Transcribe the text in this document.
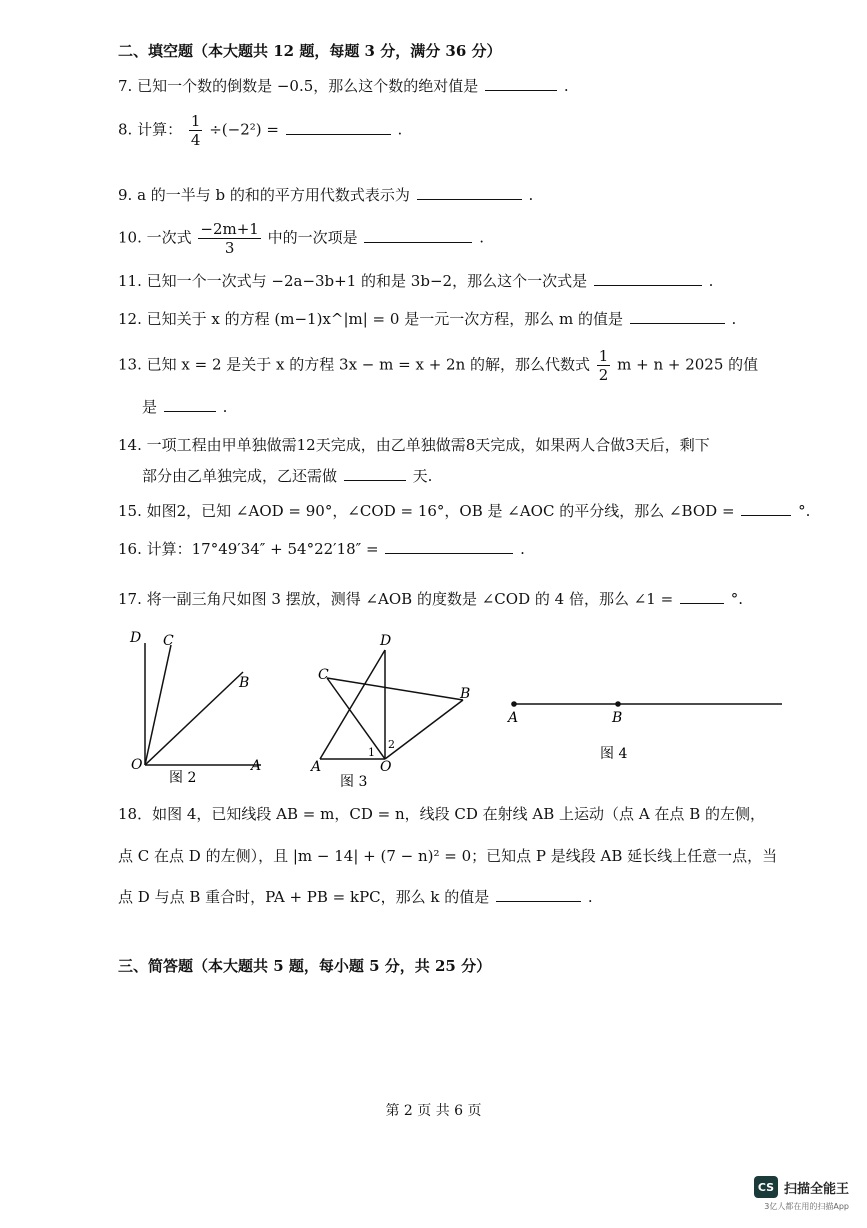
二、填空题（本大题共 12 题，每题 3 分，满分 36 分）
7. 已知一个数的倒数是 −0.5，那么这个数的绝对值是	.
8. 计算： $\frac{1}{4} \div(-2^2)$ =	.
9. a 的一半与 b 的和的平方用代数式表示为	.
10. 一次式 $\frac{-2m+1}{3}$ 中的一次项是	.
11. 已知一个一次式与 −2a−3b+1 的和是 3b−2，那么这个一次式是	.
12. 已知关于 x 的方程 (m−1)x^|m| = 0 是一元一次方程，那么 m 的值是	.
13. 已知 x = 2 是关于 x 的方程 3x − m = x + 2n 的解，那么代数式 $\frac{1}{2}$ m + n + 2025 的值
是	.
14. 一项工程由甲单独做需12天完成，由乙单独做需8天完成，如果两人合做3天后，剩下
部分由乙单独完成，乙还需做	天.
15. 如图2，已知 ∠AOD = 90°，∠COD = 16°，OB 是 ∠AOC 的平分线，那么 ∠BOD =	°.
16. 计算：17°49′34″ + 54°22′18″ =	.
17. 将一副三角尺如图 3 摆放，测得 ∠AOB 的度数是 ∠COD 的 4 倍，那么 ∠1 =	°.
O	A
B
C
D
图 2
D
C
B
A	O
1
2
图 3
A	B
图 4
18．如图 4，已知线段 AB = m，CD = n，线段 CD 在射线 AB 上运动（点 A 在点 B 的左侧，
点 C 在点 D 的左侧），且 |m − 14| + (7 − n)² = 0；已知点 P 是线段 AB 延长线上任意一点，当
点 D 与点 B 重合时，PA + PB = kPC，那么 k 的值是	.
三、简答题（本大题共 5 题，每小题 5 分，共 25 分）
第 2 页 共 6 页
CS 扫描全能王
3亿人都在用的扫描App
